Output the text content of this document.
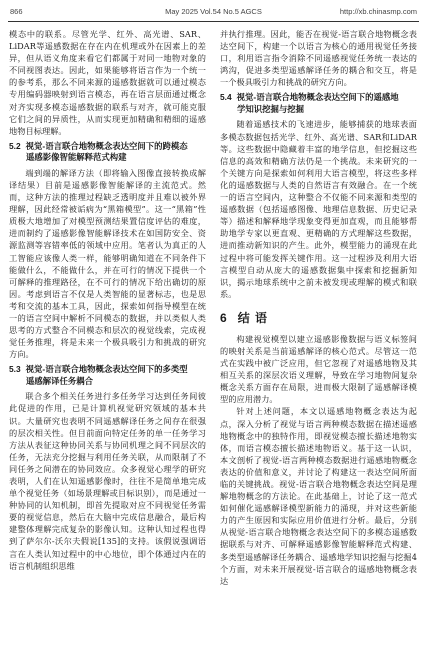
866	May 2025 Vol.54 No.5 AGCS	http://xb.chinasmp.com

模态中的联系。尽管光学、红外、高光谱、SAR、LiDAR等遥感数据在存在内在机理或外在因素上的差异，但从语义角度来看它们都属于对同一地物对象的不同视图表达。因此，如果能够将语言作为一个统一的参考系，那么不同来源的遥感数据就可以通过模态专用编码器映射到语言模态，再在语言层面通过概念对齐实现多模态遥感数据的联系与对齐，就可能克服它们之间的异质性，从而实现更加精确和精细的遥感地物目标理解。

5.2 视觉-语言联合地物概念表达空间下的跨模态
遥感影像智能解释范式构建

端到端的解译方法（即将输入图像直接转换成解译结果）目前是遥感影像智能解译的主流范式。然而，这种方法的推理过程缺乏透明度并且难以被外界理解，因此经常被诟病为“黑箱模型”。这一“黑箱”性质极大地增加了对模型预测结果置信度评估的难度，进而制约了遥感影像智能解译技术在如国防安全、资源监测等容错率低的领域中应用。笔者认为真正的人工智能应该像人类一样，能够明确知道在不同条件下能做什么，不能做什么，并在可行的情况下提供一个可解释的推理路径，在不可行的情况下给出确切的原因。考虑到语言不仅是人类智能的显著标志，也是思考和交流的基本工具，因此，探索如何指导模型在统一的语言空间中解析不同模态的数据，并以类似人类思考的方式整合不同模态和层次的视觉线索，完成视觉任务推理，将是未来一个极具吸引力和挑战的研究方向。

5.3 视觉-语言联合地物概念表达空间下的多类型
遥感解译任务耦合

联合多个相关任务进行多任务学习达到任务间彼此促进的作用，已是计算机视觉研究领域的基本共识。大量研究也表明不同遥感解译任务之间存在很强的层次相关性。但目前面向特定任务的单一任务学习方法从表征这种协同关系与协同机理之间不同层次的任务，无法充分挖掘与利用任务关联，从而限制了不同任务之间潜在的协同效应。众多视觉心理学的研究表明，人们在认知遥感影像时，往往不是简单地完成单个视觉任务（如场景理解或目标识别），而是通过一种协同的认知机制，即首先提取对应不同视觉任务需要的视觉信息，然后在大脑中完成信息融合，最后构建整体理解完成复杂的影像认知。这种认知过程也得到了萨尔尔-沃尔夫假说[135]的支持。该假说强调语言在人类认知过程中的中心地位，即个体通过内在的语言机制组织思维

并执行推理。因此，能否在视觉-语言联合地物概念表达空间下，构建一个以语言为核心的通用视觉任务接口，利用语言指令消除不同遥感视觉任务统一表达的鸿沟，促进多类型遥感解译任务的耦合和交互，将是一个极具吸引力和挑战的研究方向。

5.4 视觉-语言联合地物概念表达空间下的遥感地
学知识挖掘与挖掘

随着遥感技术的飞速进步，能够捕获的地球表面多模态数据包括光学、红外、高光谱、SAR和LiDAR等。这些数据中隐藏着丰富的地学信息，但挖掘这些信息的高效和精确方法仍是一个挑战。未来研究的一个关键方向是探索如何利用大语言模型，将这些多样化的遥感数据与人类的自然语言有效融合。在一个统一的语言空间内，这种整合不仅能不同来源和类型的遥感数据（包括遥感图像、地理信息数据、历史记录等）描述和解释地学现象变得更加直观，而且能够帮助地学专家以更直观、更精确的方式理解这些数据，进而推动新知识的产生。此外，模型能力的涌现在此过程中将可能发挥关键作用。这一过程涉及利用大语言模型自动从庞大的遥感数据集中探索和挖掘新知识，揭示地球系统中之前未被发现或理解的模式和联系。

6 结 语

构建视觉模型以建立遥感影像数据与语义标签间的映射关系是当前遥感解译的核心范式。尽管这一范式在实践中被广泛应用，但它忽视了对遥感地物及其相互关系的深层次语义理解，导致在学习地物间复杂概念关系方面存在局限，进而极大限制了遥感解译模型的应用潜力。

针对上述问题，本文以遥感地物概念表达为起点，深入分析了视觉与语言两种模态数据在描述遥感地物概念中的独特作用，即视觉模态擅长描述地物实体，而语言模态擅长描述地物语义。基于这一认识，本文剖析了视觉-语言两种模态数据进行遥感地物概念表达的价值和意义，并讨论了构建这一表达空间所面临的关键挑战。视觉-语言联合地物概念表达空间是理解地物概念的方法论。在此基础上，讨论了这一范式如何催化遥感解译模型新能力的涌现，并对这些新能力的产生原因和实际应用价值进行分析。最后，分别从视觉-语言联合地物概念表达空间下的多模态遥感数据联系与对齐、可解释遥感影像智能解释范式构建、多类型遥感解译任务耦合、遥感地学知识挖掘与挖掘4个方面，对未来开展视觉-语言联合的遥感地物概念表达
